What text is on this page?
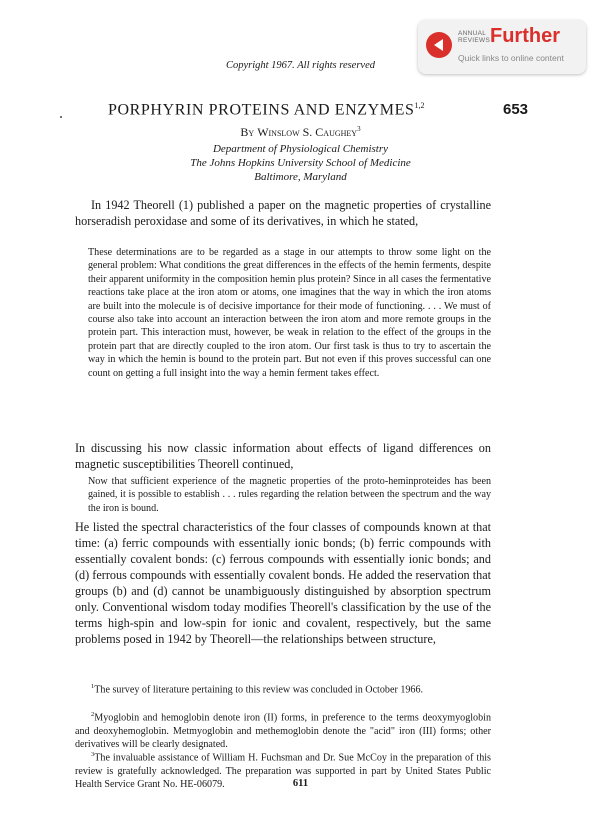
Copyright 1967. All rights reserved
ANNUAL
REVIEWS Further
Quick links to online content
PORPHYRIN PROTEINS AND ENZYMES$^{1,2}$	653
By Winslow S. Caughey$^3$
Department of Physiological Chemistry
The Johns Hopkins University School of Medicine
Baltimore, Maryland
In 1942 Theorell (1) published a paper on the magnetic properties of crystalline horseradish peroxidase and some of its derivatives, in which he stated,
These determinations are to be regarded as a stage in our attempts to throw some light on the general problem: What conditions the great differences in the effects of the hemin ferments, despite their apparent uniformity in the composition hemin plus protein? Since in all cases the fermentative reactions take place at the iron atom or atoms, one imagines that the way in which the iron atoms are built into the molecule is of decisive importance for their mode of functioning. . . . We must of course also take into account an interaction between the iron atom and more remote groups in the protein part. This interaction must, however, be weak in relation to the effect of the groups in the protein part that are directly coupled to the iron atom. Our first task is thus to try to ascertain the way in which the hemin is bound to the protein part. But not even if this proves successful can one count on getting a full insight into the way a hemin ferment takes effect.
In discussing his now classic information about effects of ligand differences on magnetic susceptibilities Theorell continued,
Now that sufficient experience of the magnetic properties of the proto-heminproteides has been gained, it is possible to establish . . . rules regarding the relation between the spectrum and the way the iron is bound.
He listed the spectral characteristics of the four classes of compounds known at that time: (a) ferric compounds with essentially ionic bonds; (b) ferric compounds with essentially covalent bonds: (c) ferrous compounds with essentially ionic bonds; and (d) ferrous compounds with essentially covalent bonds. He added the reservation that groups (b) and (d) cannot be unambiguously distinguished by absorption spectrum only. Conventional wisdom today modifies Theorell's classification by the use of the terms high-spin and low-spin for ionic and covalent, respectively, but the same problems posed in 1942 by Theorell—the relationships between structure,
$^1$The survey of literature pertaining to this review was concluded in October 1966.
$^2$Myoglobin and hemoglobin denote iron (II) forms, in preference to the terms deoxymyoglobin and deoxyhemoglobin. Metmyoglobin and methemoglobin denote the "acid" iron (III) forms; other derivatives will be clearly designated.
$^3$The invaluable assistance of William H. Fuchsman and Dr. Sue McCoy in the preparation of this review is gratefully acknowledged. The preparation was supported in part by United States Public Health Service Grant No. HE-06079.	611
